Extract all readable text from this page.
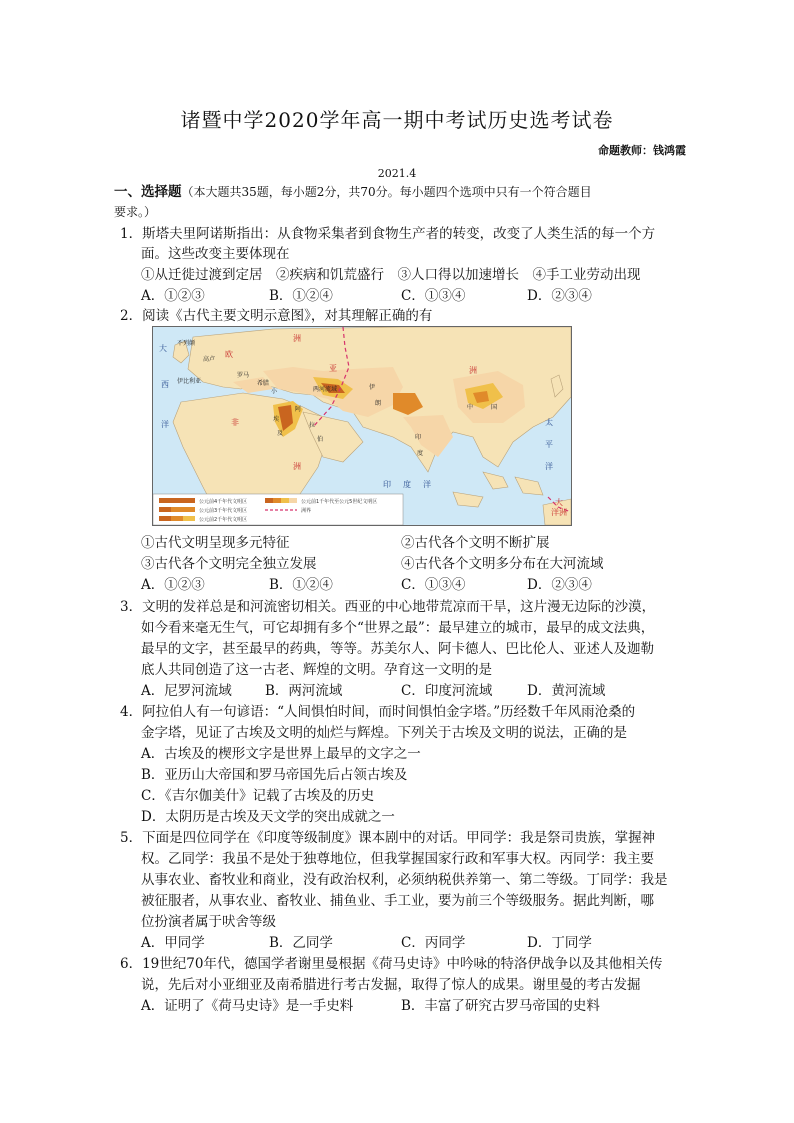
诸暨中学2020学年高一期中考试历史选考试卷
命题教师：钱鸿霞
2021.4
一、选择题（本大题共35题，每小题2分，共70分。每小题四个选项中只有一个符合题目
要求。）
1．斯塔夫里阿诺斯指出：从食物采集者到食物生产者的转变，改变了人类生活的每一个方
面。这些改变主要体现在
①从迁徙过渡到定居　②疾病和饥荒盛行　③人口得以加速增长　④手工业劳动出现
A．①②③	B．①②④	C．①③④	D．②③④
2．阅读《古代主要文明示意图》，对其理解正确的有
不列颠
高卢
伊比利亚	希腊
罗马
小	两河流域
欧
洲
亚	洲
非
洲
伊
朗
阿
拉
伯
埃
及
印
度
中	国
大
西
洋	太
平
洋
印 度 洋
大
洋洲
公元前4千年代文明区
公元前3千年代文明区
公元前2千年代文明区
公元前1千年代至公元5世纪文明区
洲界
①古代文明呈现多元特征	②古代各个文明不断扩展
③古代各个文明完全独立发展	④古代各个文明多分布在大河流域
A．①②③	B．①②④	C．①③④	D．②③④
3．文明的发祥总是和河流密切相关。西亚的中心地带荒凉而干旱，这片漫无边际的沙漠，
如今看来毫无生气，可它却拥有多个“世界之最”：最早建立的城市，最早的成文法典，
最早的文字，甚至最早的药典，等等。苏美尔人、阿卡德人、巴比伦人、亚述人及迦勒
底人共同创造了这一古老、辉煌的文明。孕育这一文明的是
A．尼罗河流域 B．两河流域	C．印度河流域	D．黄河流域
4．阿拉伯人有一句谚语：“人间惧怕时间，而时间惧怕金字塔。”历经数千年风雨沧桑的
金字塔，见证了古埃及文明的灿烂与辉煌。下列关于古埃及文明的说法，正确的是
A．古埃及的楔形文字是世界上最早的文字之一
B．亚历山大帝国和罗马帝国先后占领古埃及
C．《吉尔伽美什》记载了古埃及的历史
D．太阴历是古埃及天文学的突出成就之一
5．下面是四位同学在《印度等级制度》课本剧中的对话。甲同学：我是祭司贵族，掌握神
权。乙同学：我虽不是处于独尊地位，但我掌握国家行政和军事大权。丙同学：我主要
从事农业、畜牧业和商业，没有政治权利，必须纳税供养第一、第二等级。丁同学：我是
被征服者，从事农业、畜牧业、捕鱼业、手工业，要为前三个等级服务。据此判断，哪
位扮演者属于吠舍等级
A．甲同学	B．乙同学	C．丙同学	D．丁同学
6．19世纪70年代，德国学者谢里曼根据《荷马史诗》中吟咏的特洛伊战争以及其他相关传
说，先后对小亚细亚及南希腊进行考古发掘，取得了惊人的成果。谢里曼的考古发掘
A．证明了《荷马史诗》是一手史料	B．丰富了研究古罗马帝国的史料
